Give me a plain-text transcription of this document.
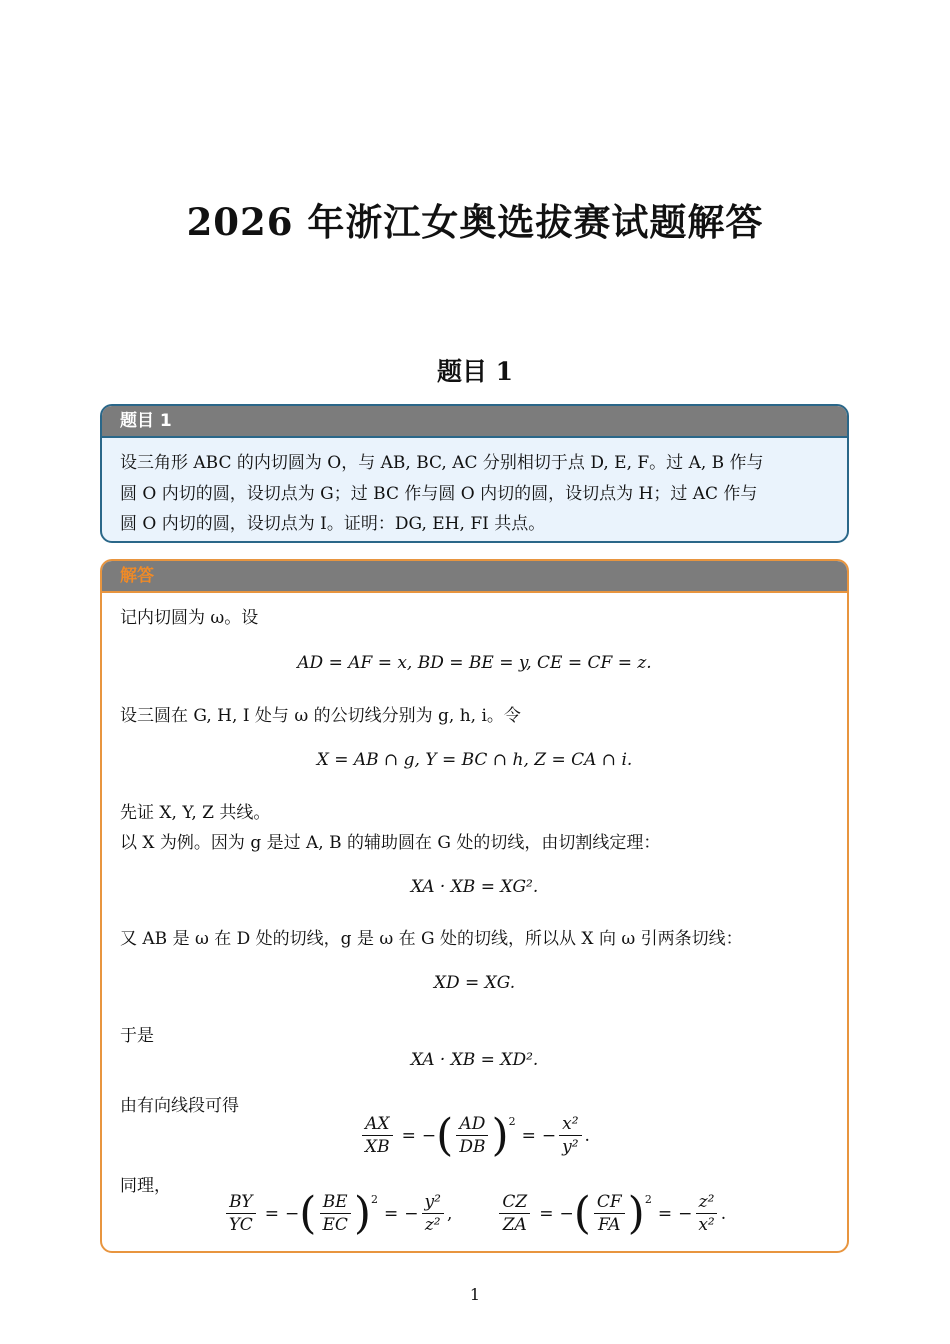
2026 年浙江女奥选拔赛试题解答
题目 1
题目 1
设三角形 ABC 的内切圆为 O，与 AB, BC, AC 分别相切于点 D, E, F。过 A, B 作与
圆 O 内切的圆，设切点为 G；过 BC 作与圆 O 内切的圆，设切点为 H；过 AC 作与
圆 O 内切的圆，设切点为 I。证明：DG, EH, FI 共点。
解答
记内切圆为 ω。设
AD = AF = x, BD = BE = y, CE = CF = z.
设三圆在 G, H, I 处与 ω 的公切线分别为 g, h, i。令
X = AB ∩ g, Y = BC ∩ h, Z = CA ∩ i.
先证 X, Y, Z 共线。
以 X 为例。因为 g 是过 A, B 的辅助圆在 G 处的切线，由切割线定理：
XA · XB = XG².
又 AB 是 ω 在 D 处的切线，g 是 ω 在 G 处的切线，所以从 X 向 ω 引两条切线：
XD = XG.
于是
XA · XB = XD².
由有向线段可得
$\frac{AX}{XB}$ = − ( $\frac{AD}{DB}$ ) 2
= − $\frac{\text{x²}}{\text{y²}}$ .
同理，
$\frac{BY}{YC}$ = − ( $\frac{BE}{EC}$ ) 2
= − $\frac{\text{y²}}{\text{z²}}$ ,	$\frac{CZ}{ZA}$ = − ( $\frac{CF}{FA}$ ) 2
= − $\frac{\text{z²}}{\text{x²}}$ .
1
